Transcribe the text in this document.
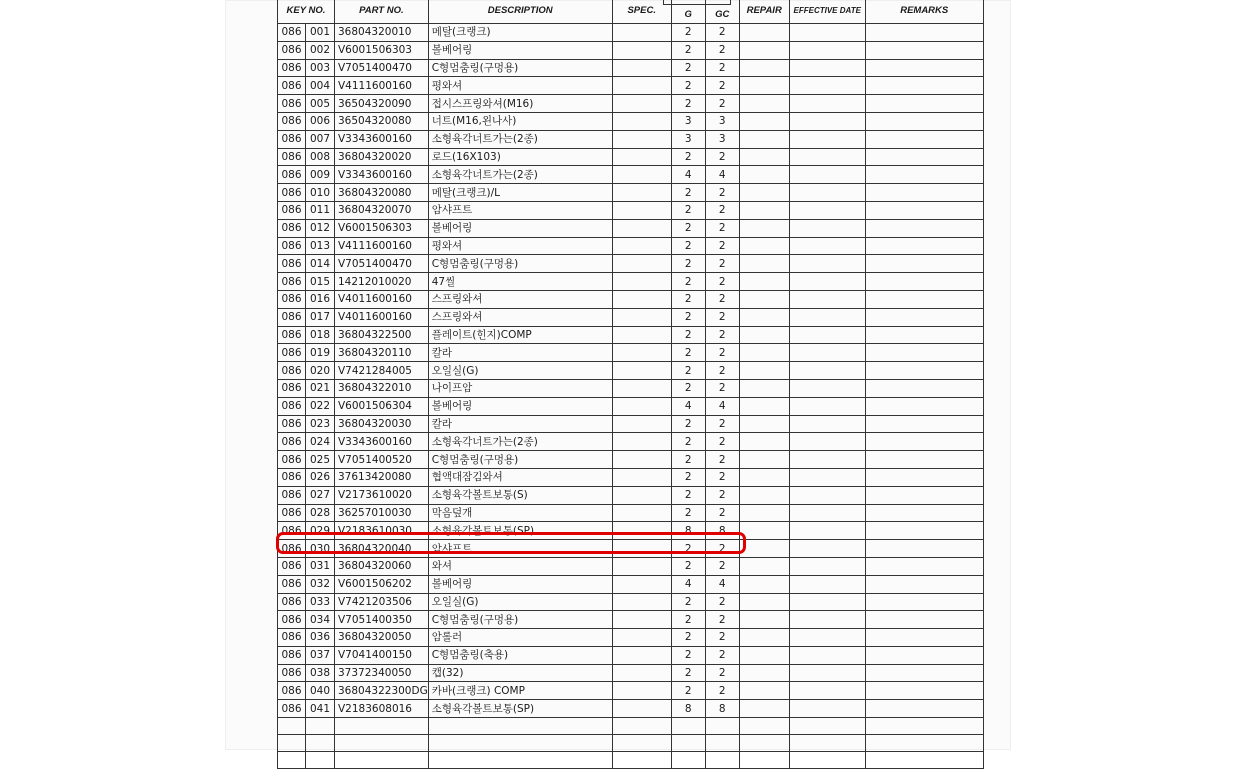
KEY NO.		PART NO.	DESCRIPTION	SPEC.	G	GC	REPAIR	EFFECTIVE DATE	REMARKS
086	001	36804320010	메탈(크랭크)		2	2			
086	002	V6001506303	볼베어링		2	2			
086	003	V7051400470	C형멈춤링(구멍용)		2	2			
086	004	V4111600160	평와셔		2	2			
086	005	36504320090	접시스프링와셔(M16)		2	2			
086	006	36504320080	너트(M16,왼나사)		3	3			
086	007	V3343600160	소형육각너트가는(2종)		3	3			
086	008	36804320020	로드(16X103)		2	2			
086	009	V3343600160	소형육각너트가는(2종)		4	4			
086	010	36804320080	메탈(크랭크)/L		2	2			
086	011	36804320070	암샤프트		2	2			
086	012	V6001506303	볼베어링		2	2			
086	013	V4111600160	평와셔		2	2			
086	014	V7051400470	C형멈춤링(구멍용)		2	2			
086	015	14212010020	47씰		2	2			
086	016	V4011600160	스프링와셔		2	2			
086	017	V4011600160	스프링와셔		2	2			
086	018	36804322500	플레이트(힌지)COMP		2	2			
086	019	36804320110	칼라		2	2			
086	020	V7421284005	오일실(G)		2	2			
086	021	36804322010	나이프암		2	2			
086	022	V6001506304	볼베어링		4	4			
086	023	36804320030	칼라		2	2			
086	024	V3343600160	소형육각너트가는(2종)		2	2			
086	025	V7051400520	C형멈춤링(구멍용)		2	2			
086	026	37613420080	협액대잠김와셔		2	2			
086	027	V2173610020	소형육각볼트보통(S)		2	2			
086	028	36257010030	막음덮개		2	2			
086	029	V2183610030	소형육각볼트보통(SP)		8	8			
086	030	36804320040	암샤프트		2	2			
086	031	36804320060	와셔		2	2			
086	032	V6001506202	볼베어링		4	4			
086	033	V7421203506	오일실(G)		2	2			
086	034	V7051400350	C형멈춤링(구멍용)		2	2			
086	036	36804320050	암롤러		2	2			
086	037	V7041400150	C형멈춤링(축용)		2	2			
086	038	37372340050	캡(32)		2	2			
086	040	36804322300DG	카바(크랭크) COMP		2	2			
086	041	V2183608016	소형육각볼트보통(SP)		8	8			
